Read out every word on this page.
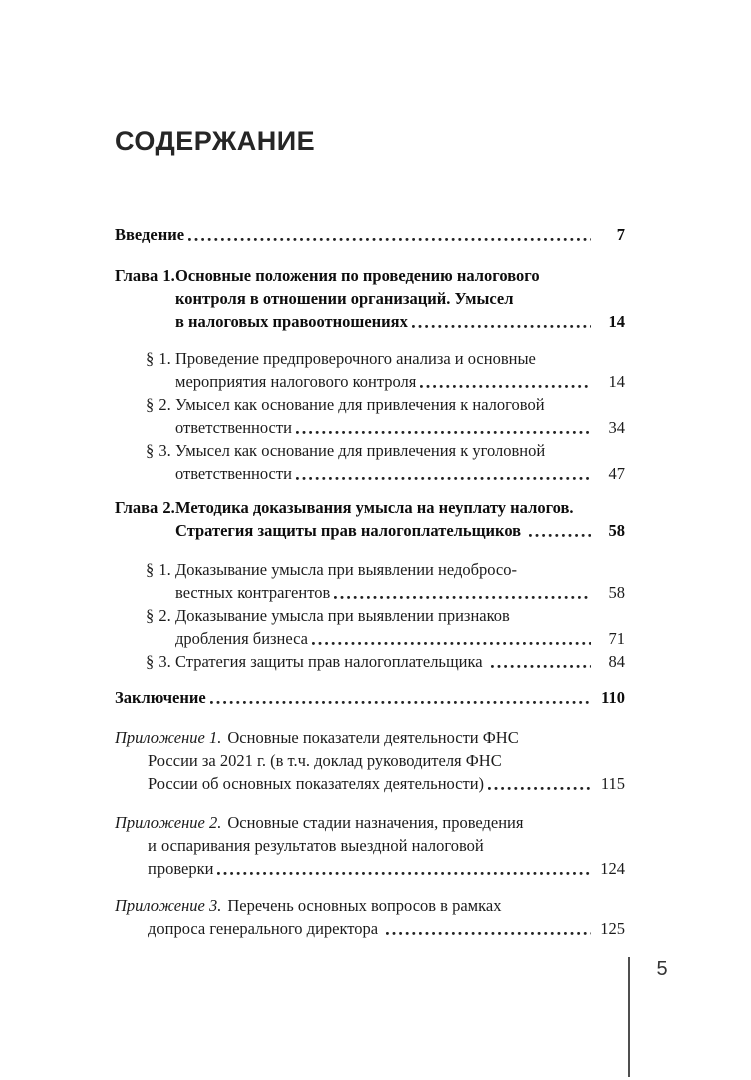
СОДЕРЖАНИЕ
Введение	7
Глава 1. Основные положения по проведению налогового
контроля в отношении организаций. Умысел
в налоговых правоотношениях	14
§ 1. Проведение предпроверочного анализа и основные
мероприятия налогового контроля	14
§ 2. Умысел как основание для привлечения к налоговой
ответственности	34
§ 3. Умысел как основание для привлечения к уголовной
ответственности	47
Глава 2. Методика доказывания умысла на неуплату налогов.
Стратегия защиты прав налогоплательщиков	58
§ 1. Доказывание умысла при выявлении недобросо-
вестных контрагентов	58
§ 2. Доказывание умысла при выявлении признаков
дробления бизнеса	71
§ 3. Стратегия защиты прав налогоплательщика	84
Заключение	110
Приложение 1. Основные показатели деятельности ФНС
России за 2021 г. (в т.ч. доклад руководителя ФНС
России об основных показателях деятельности)	115
Приложение 2. Основные стадии назначения, проведения
и оспаривания результатов выездной налоговой
проверки	124
Приложение 3. Перечень основных вопросов в рамках
допроса генерального директора	125
5
